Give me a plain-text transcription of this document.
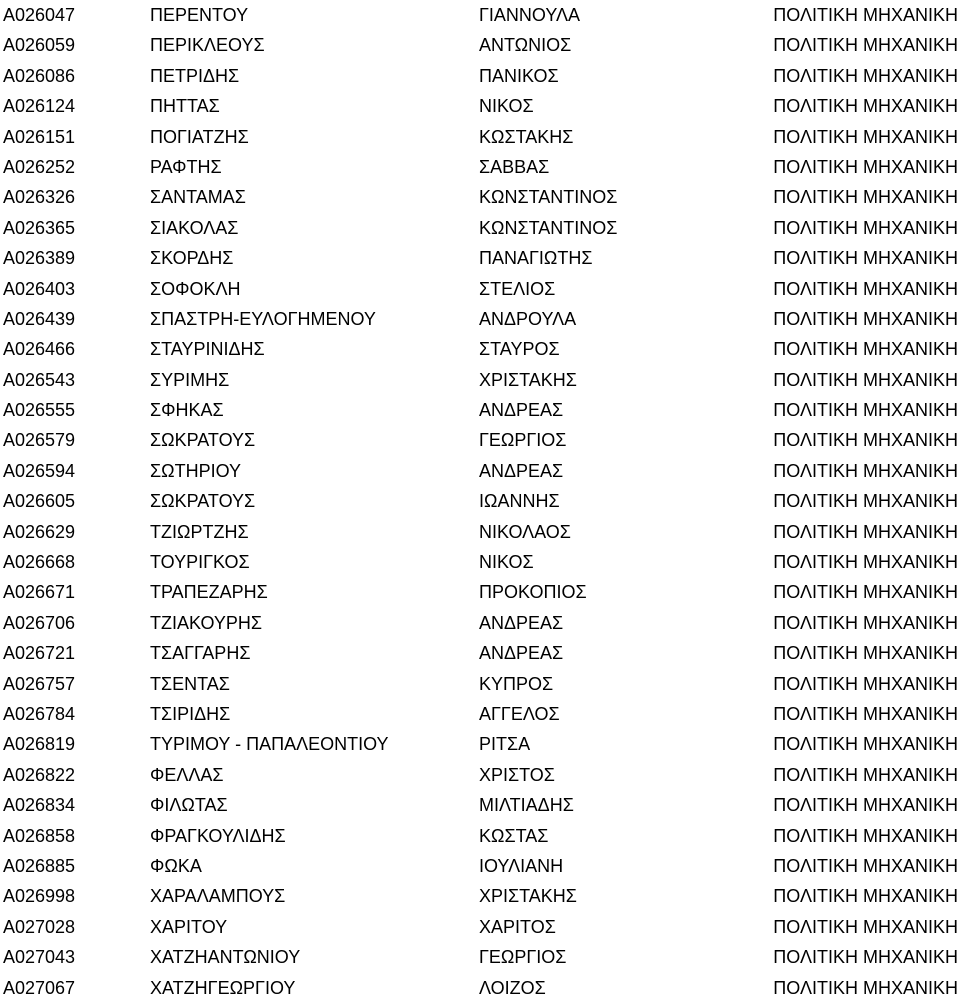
A026047	ΠΕΡΕΝΤΟΥ	ΓΙΑΝΝΟΥΛΑ	ΠΟΛΙΤΙΚΗ ΜΗΧΑΝΙΚΗ
A026059	ΠΕΡΙΚΛΕΟΥΣ	ΑΝΤΩΝΙΟΣ	ΠΟΛΙΤΙΚΗ ΜΗΧΑΝΙΚΗ
A026086	ΠΕΤΡΙΔΗΣ	ΠΑΝΙΚΟΣ	ΠΟΛΙΤΙΚΗ ΜΗΧΑΝΙΚΗ
A026124	ΠΗΤΤΑΣ	ΝΙΚΟΣ	ΠΟΛΙΤΙΚΗ ΜΗΧΑΝΙΚΗ
A026151	ΠΟΓΙΑΤΖΗΣ	ΚΩΣΤΑΚΗΣ	ΠΟΛΙΤΙΚΗ ΜΗΧΑΝΙΚΗ
A026252	ΡΑΦΤΗΣ	ΣΑΒΒΑΣ	ΠΟΛΙΤΙΚΗ ΜΗΧΑΝΙΚΗ
A026326	ΣΑΝΤΑΜΑΣ	ΚΩΝΣΤΑΝΤΙΝΟΣ	ΠΟΛΙΤΙΚΗ ΜΗΧΑΝΙΚΗ
A026365	ΣΙΑΚΟΛΑΣ	ΚΩΝΣΤΑΝΤΙΝΟΣ	ΠΟΛΙΤΙΚΗ ΜΗΧΑΝΙΚΗ
A026389	ΣΚΟΡΔΗΣ	ΠΑΝΑΓΙΩΤΗΣ	ΠΟΛΙΤΙΚΗ ΜΗΧΑΝΙΚΗ
A026403	ΣΟΦΟΚΛΗ	ΣΤΕΛΙΟΣ	ΠΟΛΙΤΙΚΗ ΜΗΧΑΝΙΚΗ
A026439	ΣΠΑΣΤΡΗ-ΕΥΛΟΓΗΜΕΝΟΥ	ΑΝΔΡΟΥΛΑ	ΠΟΛΙΤΙΚΗ ΜΗΧΑΝΙΚΗ
A026466	ΣΤΑΥΡΙΝΙΔΗΣ	ΣΤΑΥΡΟΣ	ΠΟΛΙΤΙΚΗ ΜΗΧΑΝΙΚΗ
A026543	ΣΥΡΙΜΗΣ	ΧΡΙΣΤΑΚΗΣ	ΠΟΛΙΤΙΚΗ ΜΗΧΑΝΙΚΗ
A026555	ΣΦΗΚΑΣ	ΑΝΔΡΕΑΣ	ΠΟΛΙΤΙΚΗ ΜΗΧΑΝΙΚΗ
A026579	ΣΩΚΡΑΤΟΥΣ	ΓΕΩΡΓΙΟΣ	ΠΟΛΙΤΙΚΗ ΜΗΧΑΝΙΚΗ
A026594	ΣΩΤΗΡΙΟΥ	ΑΝΔΡΕΑΣ	ΠΟΛΙΤΙΚΗ ΜΗΧΑΝΙΚΗ
A026605	ΣΩΚΡΑΤΟΥΣ	ΙΩΑΝΝΗΣ	ΠΟΛΙΤΙΚΗ ΜΗΧΑΝΙΚΗ
A026629	ΤΖΙΩΡΤΖΗΣ	ΝΙΚΟΛΑΟΣ	ΠΟΛΙΤΙΚΗ ΜΗΧΑΝΙΚΗ
A026668	ΤΟΥΡΙΓΚΟΣ	ΝΙΚΟΣ	ΠΟΛΙΤΙΚΗ ΜΗΧΑΝΙΚΗ
A026671	ΤΡΑΠΕΖΑΡΗΣ	ΠΡΟΚΟΠΙΟΣ	ΠΟΛΙΤΙΚΗ ΜΗΧΑΝΙΚΗ
A026706	ΤΖΙΑΚΟΥΡΗΣ	ΑΝΔΡΕΑΣ	ΠΟΛΙΤΙΚΗ ΜΗΧΑΝΙΚΗ
A026721	ΤΣΑΓΓΑΡΗΣ	ΑΝΔΡΕΑΣ	ΠΟΛΙΤΙΚΗ ΜΗΧΑΝΙΚΗ
A026757	ΤΣΕΝΤΑΣ	ΚΥΠΡΟΣ	ΠΟΛΙΤΙΚΗ ΜΗΧΑΝΙΚΗ
A026784	ΤΣΙΡΙΔΗΣ	ΑΓΓΕΛΟΣ	ΠΟΛΙΤΙΚΗ ΜΗΧΑΝΙΚΗ
A026819	ΤΥΡΙΜΟΥ - ΠΑΠΑΛΕΟΝΤΙΟΥ	ΡΙΤΣΑ	ΠΟΛΙΤΙΚΗ ΜΗΧΑΝΙΚΗ
A026822	ΦΕΛΛΑΣ	ΧΡΙΣΤΟΣ	ΠΟΛΙΤΙΚΗ ΜΗΧΑΝΙΚΗ
A026834	ΦΙΛΩΤΑΣ	ΜΙΛΤΙΑΔΗΣ	ΠΟΛΙΤΙΚΗ ΜΗΧΑΝΙΚΗ
A026858	ΦΡΑΓΚΟΥΛΙΔΗΣ	ΚΩΣΤΑΣ	ΠΟΛΙΤΙΚΗ ΜΗΧΑΝΙΚΗ
A026885	ΦΩΚΑ	ΙΟΥΛΙΑΝΗ	ΠΟΛΙΤΙΚΗ ΜΗΧΑΝΙΚΗ
A026998	ΧΑΡΑΛΑΜΠΟΥΣ	ΧΡΙΣΤΑΚΗΣ	ΠΟΛΙΤΙΚΗ ΜΗΧΑΝΙΚΗ
A027028	ΧΑΡΙΤΟΥ	ΧΑΡΙΤΟΣ	ΠΟΛΙΤΙΚΗ ΜΗΧΑΝΙΚΗ
A027043	ΧΑΤΖΗΑΝΤΩΝΙΟΥ	ΓΕΩΡΓΙΟΣ	ΠΟΛΙΤΙΚΗ ΜΗΧΑΝΙΚΗ
A027067	ΧΑΤΖΗΓΕΩΡΓΙΟΥ	ΛΟΙΖΟΣ	ΠΟΛΙΤΙΚΗ ΜΗΧΑΝΙΚΗ
